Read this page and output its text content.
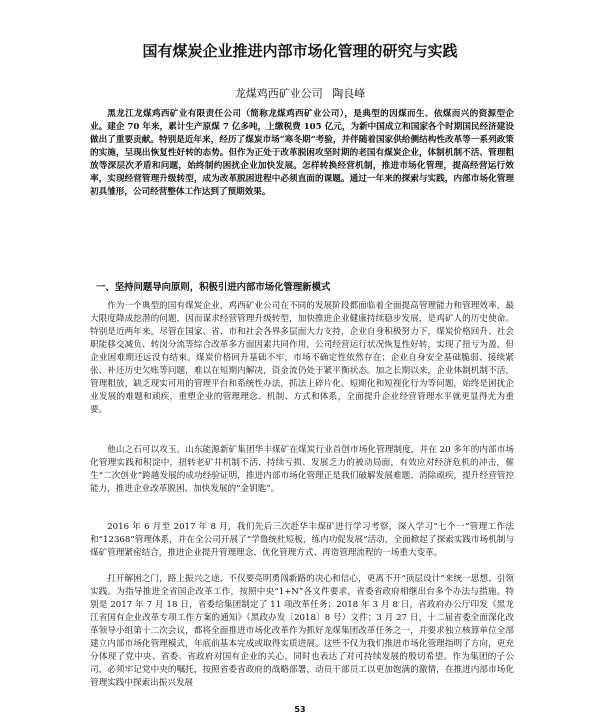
国有煤炭企业推进内部市场化管理的研究与实践
龙煤鸡西矿业公司 陶良峰

黑龙江龙煤鸡西矿业有限责任公司（简称龙煤鸡西矿业公司），是典型的因煤而生、依煤而兴的资源型企业。建企 70 年来，累计生产原煤 7 亿多吨，上缴税费 105 亿元，为新中国成立和国家各个时期国民经济建设做出了重要贡献。特别是近年来，经历了煤炭市场“寒冬期”考验，并伴随着国家供给侧结构性改革等一系列政策的实施，呈现出恢复性好转的态势。但作为正处于改革脱困攻坚时期的老国有煤炭企业，体制机制不活、管理粗放等深层次矛盾和问题，始终制约困扰企业加快发展。怎样转换经营机制，推进市场化管理，提高经营运行效率，实现经营管理升级转型，成为改革脱困进程中必须直面的课题。通过一年来的探索与实践，内部市场化管理初具雏形，公司经营整体工作达到了预期效果。

一、坚持问题导向原则，积极引进内部市场化管理新模式

作为一个典型的国有煤炭企业，鸡西矿业公司在不同的发展阶段都面临着全面提高管理能力和管理效率，最大限度降成挖潜的问题，因而谋求经营管理升级转型，加快推进企业健康持续稳步发展，是鸡矿人的历史使命。特别是近两年来，尽管在国家、省、市和社会各界多层面大力支持，企业自身积极努力下，煤炭价格回升、社会职能移交减负、转岗分流等综合改革多方面因素共同作用，公司经营运行状况恢复性好转，实现了扭亏为盈，但企业困难期还远没有结束。煤炭价格回升基础不牢，市场不确定性依然存在；企业自身安全基础脆弱、接续紧张、补还历史欠账等问题，难以在短期内解决，资金流仍处于紧平衡状态。加之长期以来，企业体制机制不活，管理粗放，缺乏现实可用的管理平台和系统性办法，抓法上碎片化、短期化和短视化行为等问题，始终是困扰企业发展的难题和顽疾，重塑企业的管理理念、机制、方式和体系，全面提升企业经营管理水平就更显得尤为重要。

他山之石可以攻玉。山东能源新矿集团华丰煤矿在煤炭行业首创市场化管理制度，并在 20 多年的内部市场化管理实践和积淀中，扭转老矿井机制不活、持续亏损、发展乏力的被动局面，有效应对经济危机的冲击，催生“二次创业”跨越发展的成功经验证明，推进内部市场化管理正是我们破解发展难题、消除顽疾，提升经营管控能力，推进企业改革脱困、加快发展的“金钥匙”。

2016 年 6 月至 2017 年 8 月，我们先后三次赴华丰煤矿进行学习考察，深入学习“七个一”管理工作法和“12368”管理体系，并在全公司开展了“学鲁统杜短板，练内功促发展”活动，全面掀起了探索实践市场机制与煤矿管理紧密结合，推进企业提升管理理念、优化管理方式、再造管理流程的一场重大变革。

打开解困之门，路上振兴之途，不仅要亮明勇闯新路的决心和信心，更离不开“顶层设计”来统一思想、引领实践。为指导推进全省国企改革工作，按照中央“1+N”各文件要求，省委省政府相继出台多个办法与措施。特别是 2017 年 7 月 18 日，省委给集团制定了 11 项改革任务；2018 年 3 月 8 日，省政府办公厅印发《黑龙江省国有企业改革专项工作方案的通知》（黑政办发〔2018〕8 号）文件；3 月 27 日，十二届省委全面深化改革领导小组第十二次会议，都将全面推进市场化改革作为抓好龙煤集团改革任务之一，并要求独立核算单位全部建立内部市场化管理模式，年底前基本完成或取得实质进展。这些不仅为我们推进市场化管理指明了方向，更充分体现了党中央、省委、省政府对国有企业的关心，同时也表达了对可持续发展的殷切希望。作为集团的子公司，必须牢记党中央的嘱托，按照省委省政府的战略部署，动员干部员工以更加饱满的激情，在推进内部市场化管理实践中探索出振兴发展

53
